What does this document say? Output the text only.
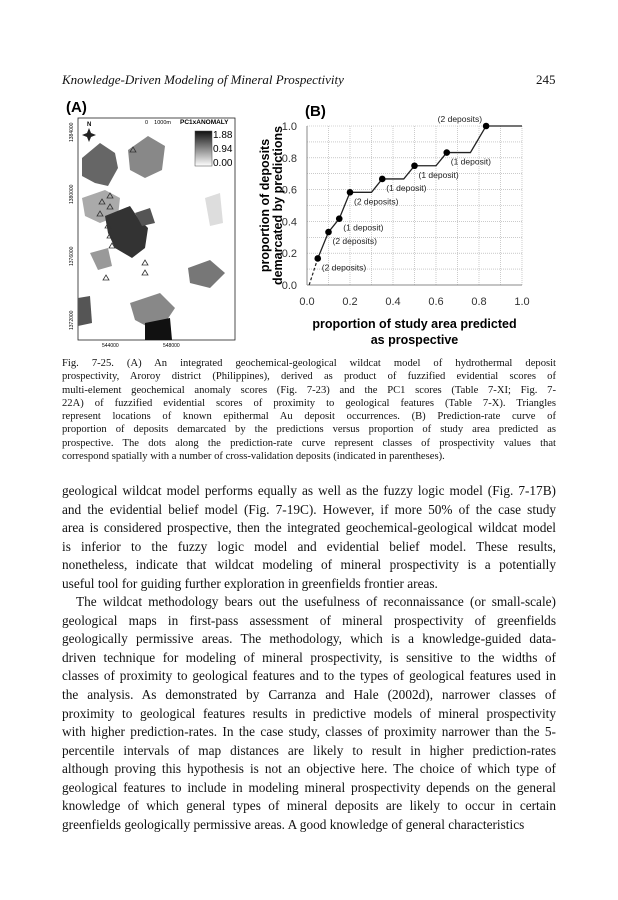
Knowledge-Driven Modeling of Mineral Prospectivity	245
(A)
N	0    1000m PC1xANOMALY
1.88
0.94
0.00
1384000
1380000
1376000
1372000
544000	548000
(B)
0.0	0.2	0.4	0.6	0.8	1.0
0.0
0.2
0.4
0.6
0.8
1.0
proportion of study area predicted
as prospective
proportion of deposits demarcated by predictions	(2 deposits)
(2 deposits)
(1 deposit)
(2 deposits)
(1 deposit)
(1 deposit)
(1 deposit)
(2 deposits)
Fig. 7-25. (A) An integrated geochemical-geological wildcat model of hydrothermal deposit
prospectivity, Aroroy district (Philippines), derived as product of fuzzified evidential scores of
multi-element geochemical anomaly scores (Fig. 7-23) and the PC1 scores (Table 7-XI; Fig. 7-
22A) of fuzzified evidential scores of proximity to geological features (Table 7-X). Triangles
represent locations of known epithermal Au deposit occurrences. (B) Prediction-rate curve of
proportion of deposits demarcated by the predictions versus proportion of study area predicted as
prospective. The dots along the prediction-rate curve represent classes of prospectivity values that
correspond spatially with a number of cross-validation deposits (indicated in parentheses).
geological wildcat model performs equally as well as the fuzzy logic model (Fig. 7-17B)
and the evidential belief model (Fig. 7-19C). However, if more 50% of the case study
area is considered prospective, then the integrated geochemical-geological wildcat model
is inferior to the fuzzy logic model and evidential belief model. These results,
nonetheless, indicate that wildcat modeling of mineral prospectivity is a potentially
useful tool for guiding further exploration in greenfields frontier areas.
The wildcat methodology bears out the usefulness of reconnaissance (or small-scale)
geological maps in first-pass assessment of mineral prospectivity of greenfields
geologically permissive areas. The methodology, which is a knowledge-guided data-
driven technique for modeling of mineral prospectivity, is sensitive to the widths of
classes of proximity to geological features and to the types of geological features used in
the analysis. As demonstrated by Carranza and Hale (2002d), narrower classes of
proximity to geological features results in predictive models of mineral prospectivity
with higher prediction-rates. In the case study, classes of proximity narrower than the 5-
percentile intervals of map distances are likely to result in higher prediction-rates
although proving this hypothesis is not an objective here. The choice of which type of
geological features to include in modeling mineral prospectivity depends on the general
knowledge of which general types of mineral deposits are likely to occur in certain
greenfields geologically permissive areas. A good knowledge of general characteristics
